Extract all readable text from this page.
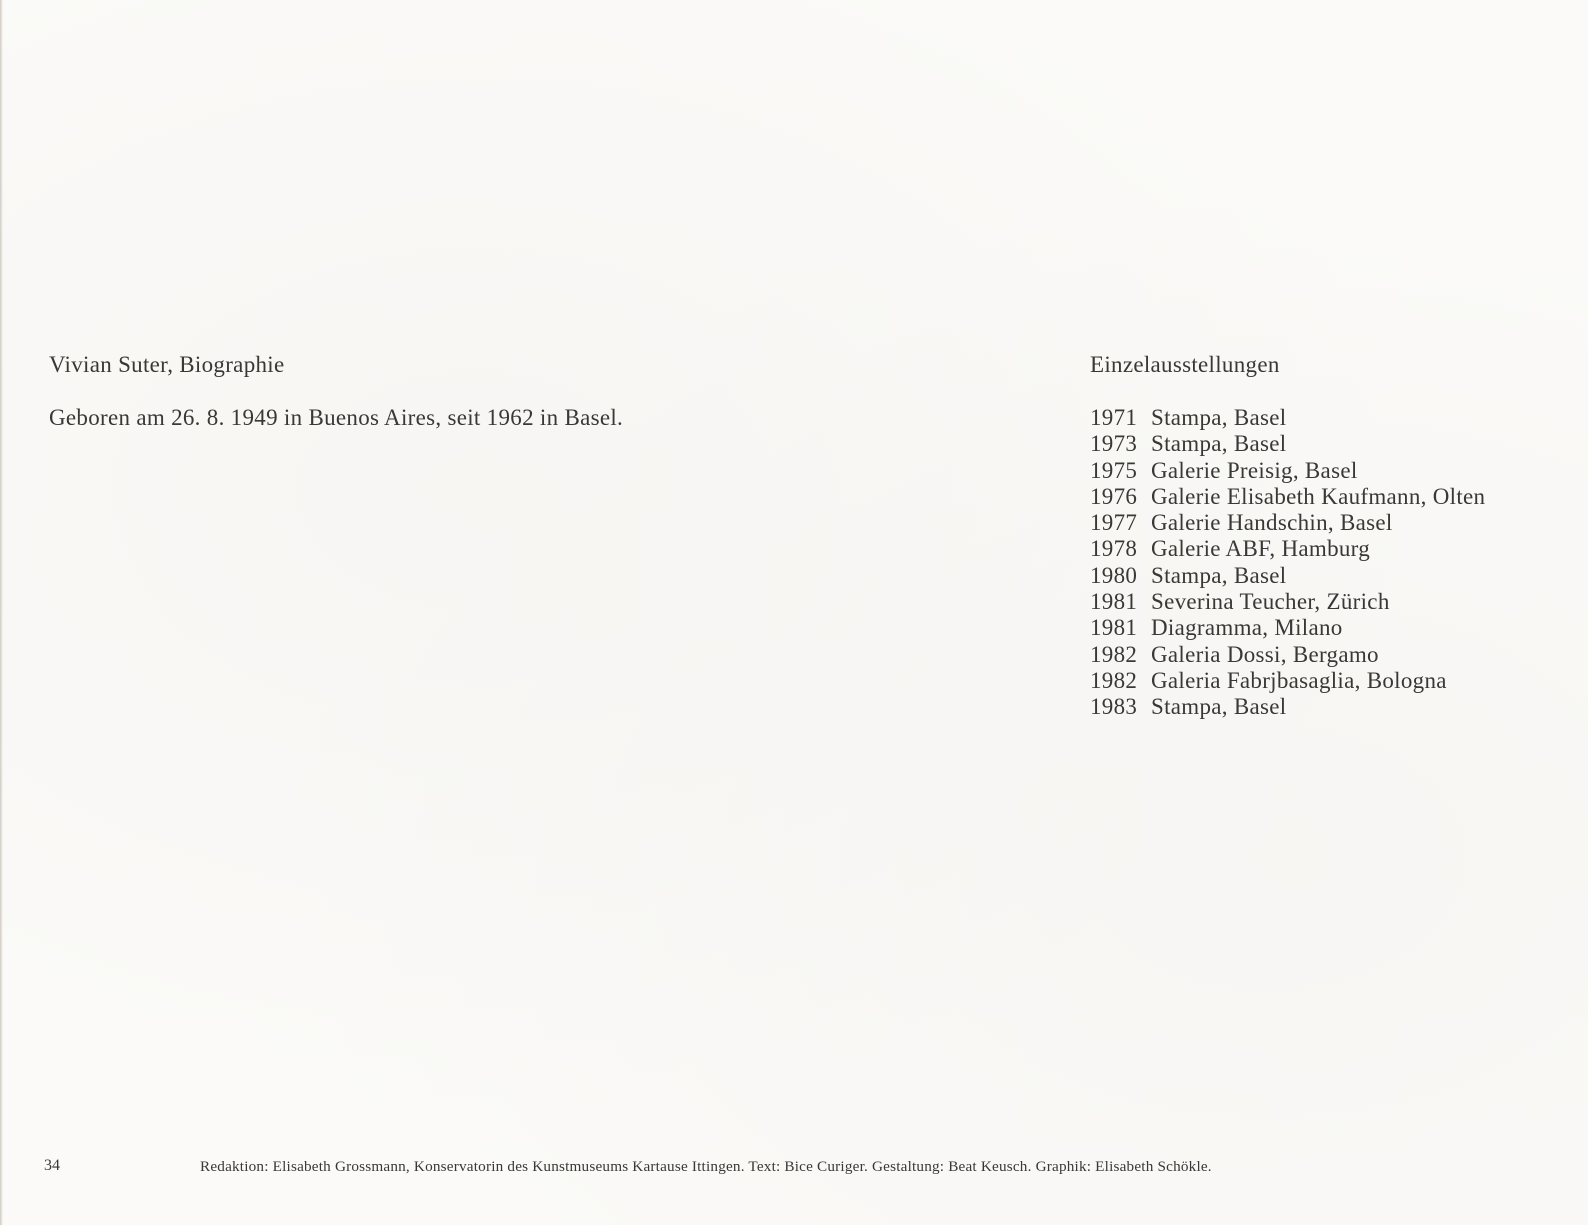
Vivian Suter, Biographie
Geboren am 26. 8. 1949 in Buenos Aires, seit 1962 in Basel.
Einzelausstellungen
1971 Stampa, Basel
1973 Stampa, Basel
1975 Galerie Preisig, Basel
1976 Galerie Elisabeth Kaufmann, Olten
1977 Galerie Handschin, Basel
1978 Galerie ABF, Hamburg
1980 Stampa, Basel
1981 Severina Teucher, Zürich
1981 Diagramma, Milano
1982 Galeria Dossi, Bergamo
1982 Galeria Fabrjbasaglia, Bologna
1983 Stampa, Basel
34	Redaktion: Elisabeth Grossmann, Konservatorin des Kunstmuseums Kartause Ittingen. Text: Bice Curiger. Gestaltung: Beat Keusch. Graphik: Elisabeth Schökle.
